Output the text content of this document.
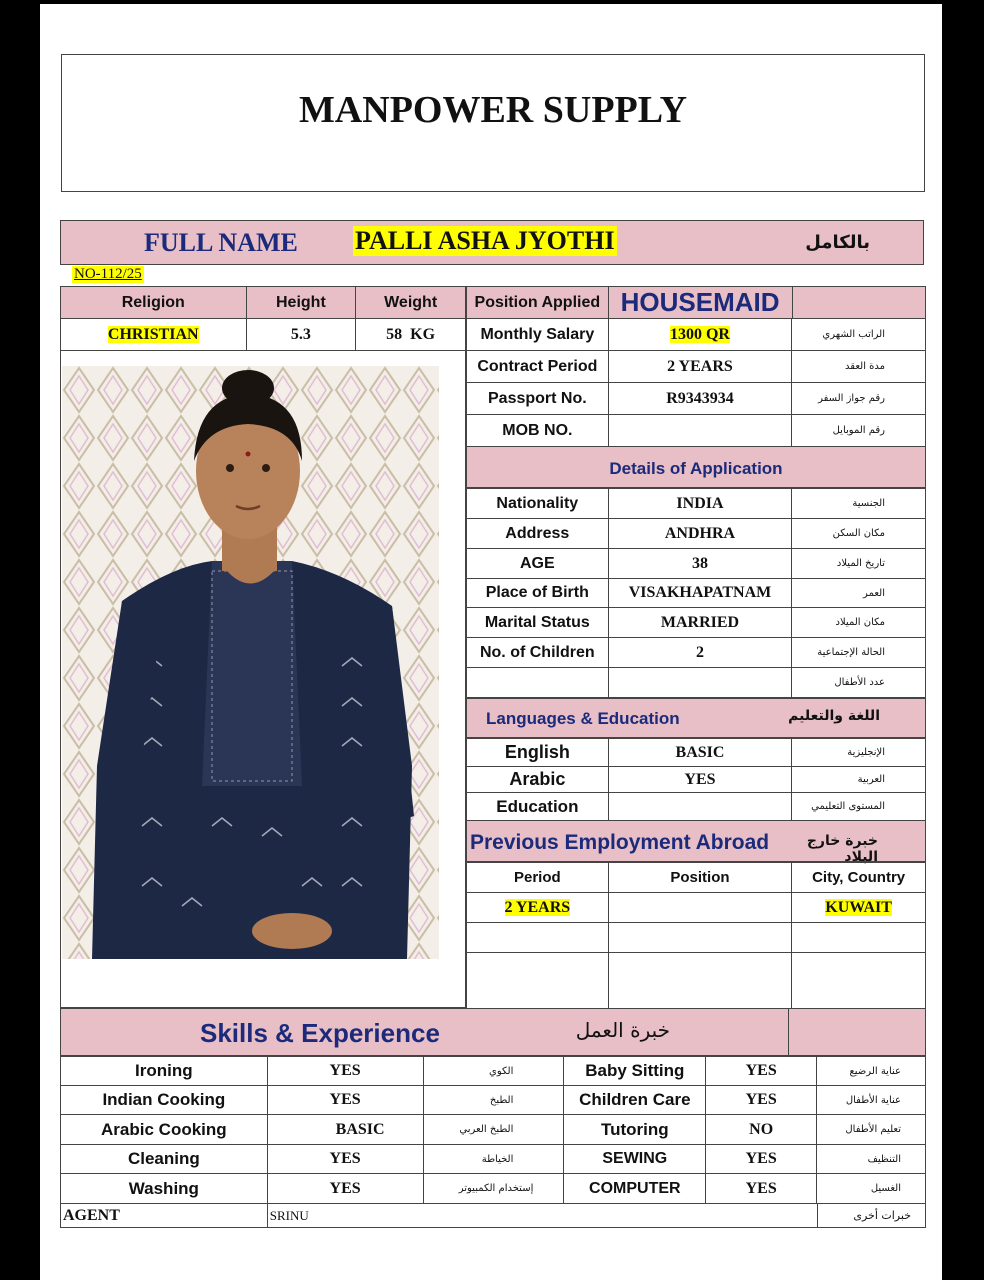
MANPOWER SUPPLY
FULL NAME PALLI ASHA JYOTHI	بالكامل
NO-112/25
Religion	Height	Weight
CHRISTIAN	5.3	58  KG
Position Applied	HOUSEMAID	
Monthly Salary	1300 QR	الراتب الشهري
Contract Period	2 YEARS	مدة العقد
Passport No.	R9343934	رقم جواز السفر
MOB NO.		رقم الموبايل
Details of Application
Nationality	INDIA	الجنسية
Address	ANDHRA	مكان السكن
AGE	38	تاريخ الميلاد
Place of Birth	VISAKHAPATNAM	العمر
Marital Status	MARRIED	مكان الميلاد
No. of Children	2	الحالة الإجتماعية
		عدد الأطفال
Languages & Education	اللغة والتعليم
English	BASIC	الإنجليزية
Arabic	YES	العربية
Education		المستوى التعليمي
Previous Employment Abroad	خبرة خارج البلاد
Period	Position	City, Country
2 YEARS		KUWAIT

Skills & Experience	خبرة العمل
Ironing	YES	الكوي	Baby Sitting	YES	عناية الرضيع
Indian Cooking	YES	الطبخ	Children Care	YES	عناية الأطفال
Arabic Cooking	BASIC	الطبخ العربي	Tutoring	NO	تعليم الأطفال
Cleaning	YES	الخياطة	SEWING	YES	التنظيف
Washing	YES	إستخدام الكمبيوتر	COMPUTER	YES	الغسيل
AGENT	SRINU	خبرات أخرى
